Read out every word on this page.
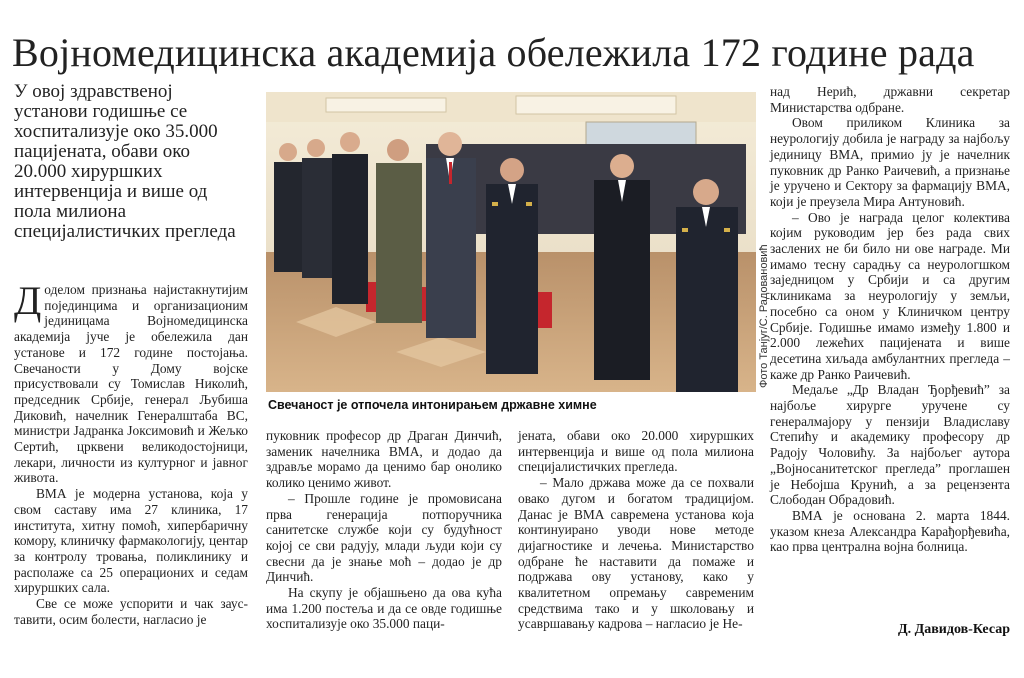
Војномедицинска академија обележила 172 године рада
У овој здравственој установи годишње се хоспитализује око 35.000 пацијената, обави око 20.000 хируршких интервенција и више од пола милиона специјалистичких прегледа

Доделом признања најистакнутијим појединцима и организационим јединицама Војномедицинска академија јуче је обележила дан установе и 172 године постојања. Свечаности у Дому војске присуствовали су Томислав Николић, председник Србије, генерал Љубиша Диковић, начелник Генералштаба ВС, министри Јадранка Јоксимовић и Жељко Сертић, црквени великодостојници, лекари, личности из културног и јавног живота.

ВМА је модерна установа, која у свом саставу има 27 клиника, 17 института, хитну помоћ, хипербаричну комору, клиничку фармакологију, центар за контролу тровања, поликлинику и располаже са 25 операционих и седам хируршких сала.

Све се може успорити и чак зауставити, осим болести, нагласио је

Фото Танјуг/С. Радовановић
Свечаност је отпочела интонирањем државне химне

пуковник професор др Драган Динчић, заменик начелника ВМА, и додао да здравље морамо да ценимо бар онолико колико ценимо живот.

– Прошле године је промовисана прва генерација потпоручника санитетске службе који су будућност којој се сви радују, млади људи који су свесни да је знање моћ – додао је др Динчић.

На скупу је објашњено да ова кућа има 1.200 постеља и да се овде годишње хоспитализује око 35.000 паци-

јената, обави око 20.000 хируршких интервенција и више од пола милиона специјалистичких прегледа.

– Мало држава може да се похвали овако дугом и богатом традицијом. Данас је ВМА савремена установа која континуирано уводи нове методе дијагностике и лечења. Министарство одбране ће наставити да помаже и подржава ову установу, како у квалитетном опремању савременим средствима тако и у школовању и усавршавању кадрова – нагласио је Не-

над Нерић, државни секретар Министарства одбране.

Овом приликом Клиника за неурологију добила је награду за најбољу јединицу ВМА, примио ју је начелник пуковник др Ранко Раичевић, а признање је уручено и Сектору за фармацију ВМА, који је преузела Мира Антуновић.

– Ово је награда целог колектива којим руководим јер без рада свих заслених не би било ни ове награде. Ми имамо тесну сарадњу са неурологшком заједницом у Србији и са другим клиникама за неурологију у земљи, посебно са оном у Клиничком центру Србије. Годишње имамо између 1.800 и 2.000 лежећих пацијената и више десетина хиљада амбулантних прегледа – каже др Ранко Раичевић.

Медаље „Др Владан Ђорђевић” за најбоље хирурге уручене су генералмајору у пензији Владиславу Степићу и академику професору др Радоју Чоловићу. За најбољег аутора „Војносанитетског прегледа” проглашен је Небојша Крунић, а за рецензента Слободан Обрадовић.

ВМА је основана 2. марта 1844. указом кнеза Александра Карађорђевића, као прва централна војна болница.

Д. Давидов-Кесар
